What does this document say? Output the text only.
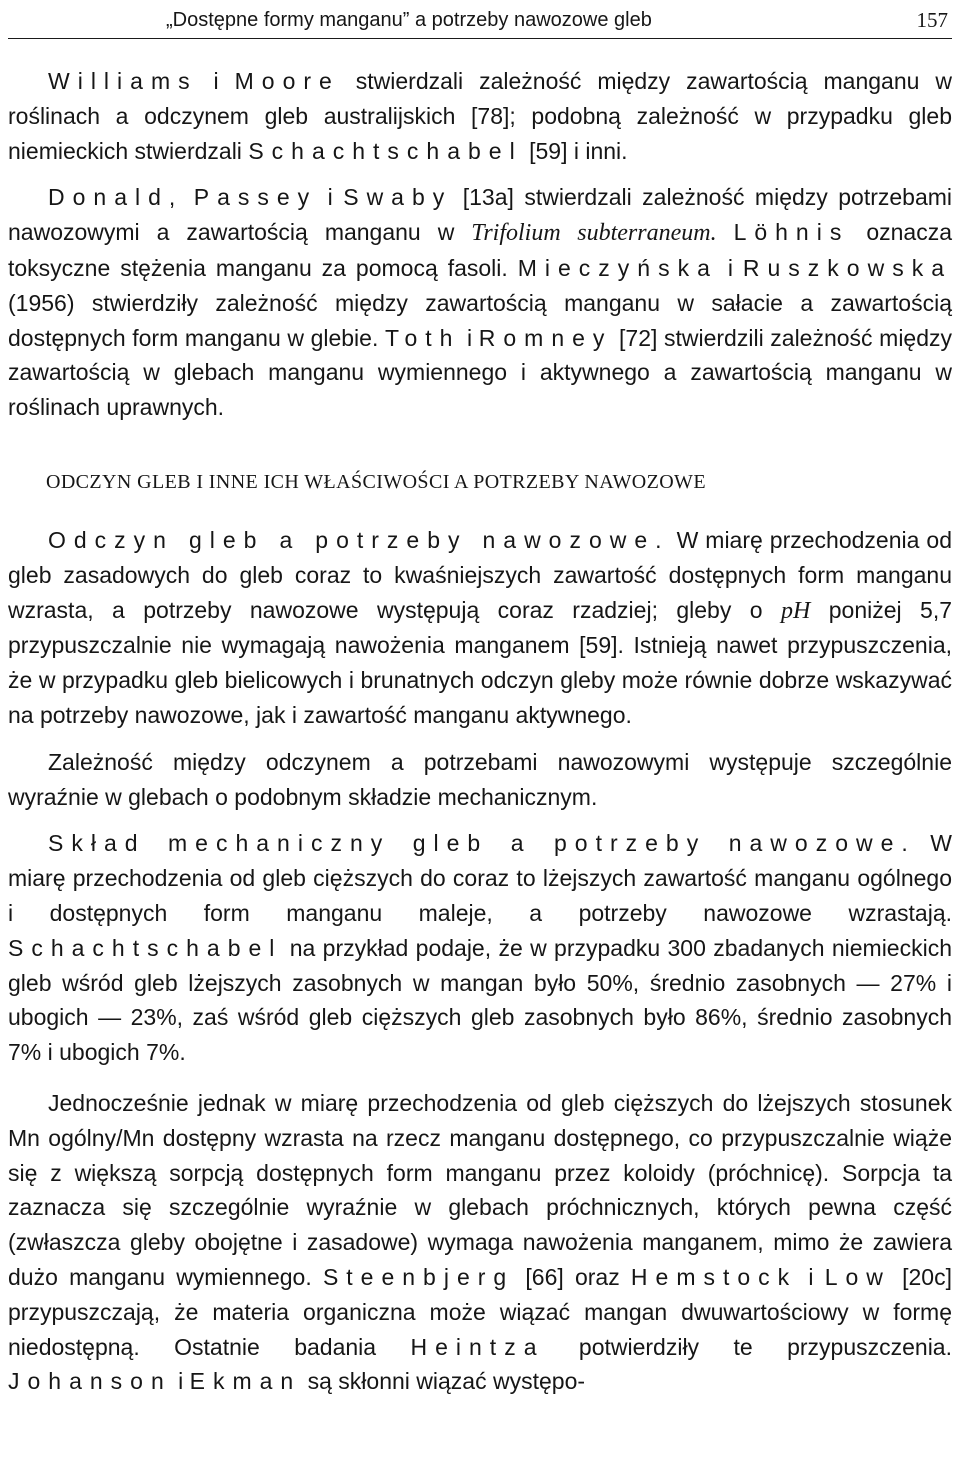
„Dostępne formy manganu” a potrzeby nawozowe gleb	157

Williams i Moore stwierdzali zależność między zawartością manganu w roślinach a odczynem gleb australijskich [78]; podobną zależność w przypadku gleb niemieckich stwierdzali Schachtschabel [59] i inni.

Donald, Passey i Swaby [13a] stwierdzali zależność między potrzebami nawozowymi a zawartością manganu w Trifolium subterraneum. Löhnis oznacza toksyczne stężenia manganu za pomocą fasoli. Mieczyńska i Ruszkowska (1956) stwierdziły zależność między zawartością manganu w sałacie a zawartością dostępnych form manganu w glebie. Toth i Romney [72] stwierdzili zależność między zawartością w glebach manganu wymiennego i aktywnego a zawartością manganu w roślinach uprawnych.

ODCZYN GLEB I INNE ICH WŁAŚCIWOŚCI A POTRZEBY NAWOZOWE

Odczyn gleb a potrzeby nawozowe. W miarę przechodzenia od gleb zasadowych do gleb coraz to kwaśniejszych zawartość dostępnych form manganu wzrasta, a potrzeby nawozowe występują coraz rzadziej; gleby o pH poniżej 5,7 przypuszczalnie nie wymagają nawożenia manganem [59]. Istnieją nawet przypuszczenia, że w przypadku gleb bielicowych i brunatnych odczyn gleby może równie dobrze wskazywać na potrzeby nawozowe, jak i zawartość manganu aktywnego.

Zależność między odczynem a potrzebami nawozowymi występuje szczególnie wyraźnie w glebach o podobnym składzie mechanicznym.

Skład mechaniczny gleb a potrzeby nawozowe. W miarę przechodzenia od gleb cięższych do coraz to lżejszych zawartość manganu ogólnego i dostępnych form manganu maleje, a potrzeby nawozowe wzrastają. Schachtschabel na przykład podaje, że w przypadku 300 zbadanych niemieckich gleb wśród gleb lżejszych zasobnych w mangan było 50%, średnio zasobnych — 27% i ubogich — 23%, zaś wśród gleb cięższych gleb zasobnych było 86%, średnio zasobnych 7% i ubogich 7%.

Jednocześnie jednak w miarę przechodzenia od gleb cięższych do lżejszych stosunek Mn ogólny/Mn dostępny wzrasta na rzecz manganu dostępnego, co przypuszczalnie wiąże się z większą sorpcją dostępnych form manganu przez koloidy (próchnicę). Sorpcja ta zaznacza się szczególnie wyraźnie w glebach próchnicznych, których pewna część (zwłaszcza gleby obojętne i zasadowe) wymaga nawożenia manganem, mimo że zawiera dużo manganu wymiennego. Steenbjerg [66] oraz Hemstock i Low [20c] przypuszczają, że materia organiczna może wiązać mangan dwuwartościowy w formę niedostępną. Ostatnie badania Heintza potwierdziły te przypuszczenia. Johanson i Ekman są skłonni wiązać występo-
